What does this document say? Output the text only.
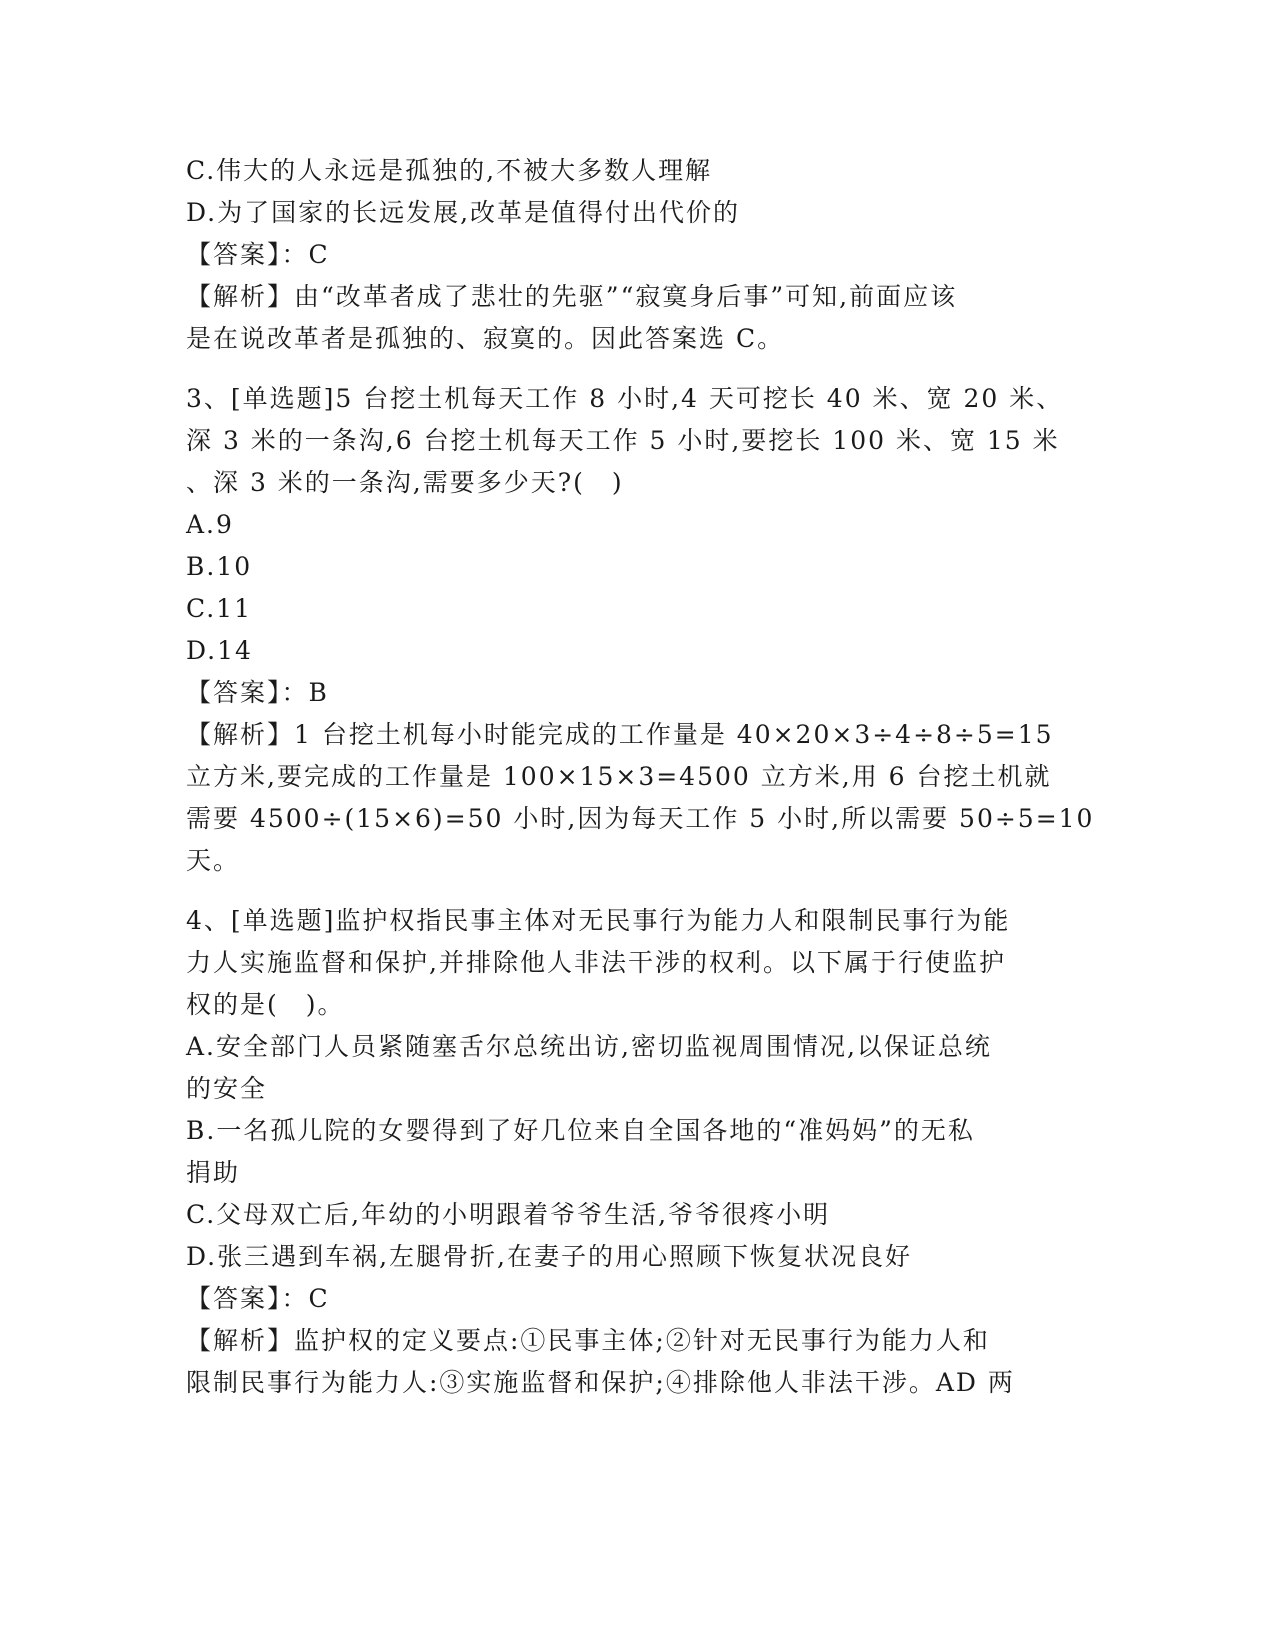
C.伟大的人永远是孤独的,不被大多数人理解
D.为了国家的长远发展,改革是值得付出代价的
【答案】：C
【解析】由“改革者成了悲壮的先驱”“寂寞身后事”可知,前面应该
是在说改革者是孤独的、寂寞的。因此答案选 C。
3、[单选题]5 台挖土机每天工作 8 小时,4 天可挖长 40 米、宽 20 米、
深 3 米的一条沟,6 台挖土机每天工作 5 小时,要挖长 100 米、宽 15 米
、深 3 米的一条沟,需要多少天?(　)
A.9
B.10
C.11
D.14
【答案】：B
【解析】1 台挖土机每小时能完成的工作量是 40×20×3÷4÷8÷5=15
立方米,要完成的工作量是 100×15×3=4500 立方米,用 6 台挖土机就
需要 4500÷(15×6)=50 小时,因为每天工作 5 小时,所以需要 50÷5=10
天。
4、[单选题]监护权指民事主体对无民事行为能力人和限制民事行为能
力人实施监督和保护,并排除他人非法干涉的权利。以下属于行使监护
权的是(　)。
A.安全部门人员紧随塞舌尔总统出访,密切监视周围情况,以保证总统
的安全
B.一名孤儿院的女婴得到了好几位来自全国各地的“准妈妈”的无私
捐助
C.父母双亡后,年幼的小明跟着爷爷生活,爷爷很疼小明
D.张三遇到车祸,左腿骨折,在妻子的用心照顾下恢复状况良好
【答案】：C
【解析】监护权的定义要点:①民事主体;②针对无民事行为能力人和
限制民事行为能力人:③实施监督和保护;④排除他人非法干涉。AD 两
